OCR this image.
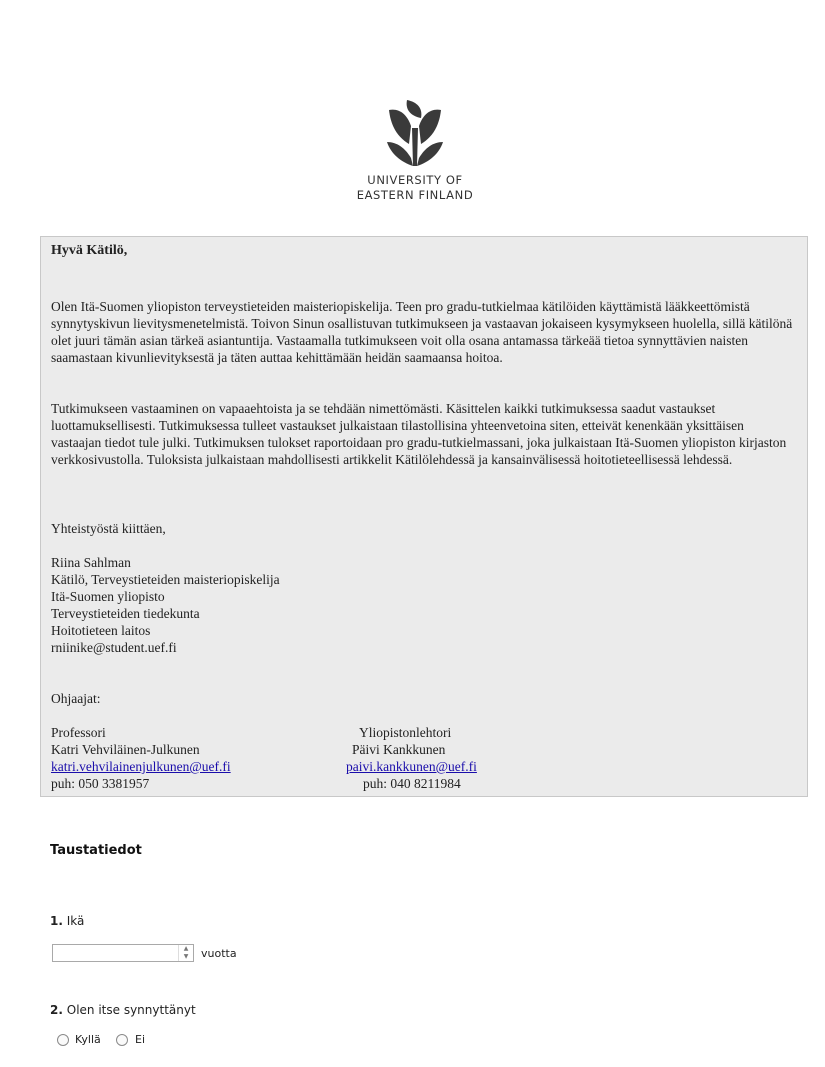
UNIVERSITY OF
EASTERN FINLAND
Hyvä Kätilö,
Olen Itä-Suomen yliopiston terveystieteiden maisteriopiskelija. Teen pro gradu-tutkielmaa kätilöiden käyttämistä lääkkeettömistä synnytyskivun lievitysmenetelmistä. Toivon Sinun osallistuvan tutkimukseen ja vastaavan jokaiseen kysymykseen huolella, sillä kätilönä olet juuri tämän asian tärkeä asiantuntija. Vastaamalla tutkimukseen voit olla osana antamassa tärkeää tietoa synnyttävien naisten saamastaan kivunlievityksestä ja täten auttaa kehittämään heidän saamaansa hoitoa.
Tutkimukseen vastaaminen on vapaaehtoista ja se tehdään nimettömästi. Käsittelen kaikki tutkimuksessa saadut vastaukset luottamuksellisesti. Tutkimuksessa tulleet vastaukset julkaistaan tilastollisina yhteenvetoina siten, etteivät kenenkään yksittäisen vastaajan tiedot tule julki. Tutkimuksen tulokset raportoidaan pro gradu-tutkielmassani, joka julkaistaan Itä-Suomen yliopiston kirjaston verkkosivustolla. Tuloksista julkaistaan mahdollisesti artikkelit Kätilölehdessä ja kansainvälisessä hoitotieteellisessä lehdessä.
Yhteistyöstä kiittäen,
Riina Sahlman
Kätilö, Terveystieteiden maisteriopiskelija
Itä-Suomen yliopisto
Terveystieteiden tiedekunta
Hoitotieteen laitos
rniinike@student.uef.fi
Ohjaajat:
Professori
Katri Vehviläinen-Julkunen
katri.vehvilainenjulkunen@uef.fi
puh: 050 3381957
Yliopistonlehtori
Päivi Kankkunen
paivi.kankkunen@uef.fi
puh: 040 8211984
Taustatiedot
1. Ikä
▲
▼	vuotta
2. Olen itse synnyttänyt
Kyllä	Ei
